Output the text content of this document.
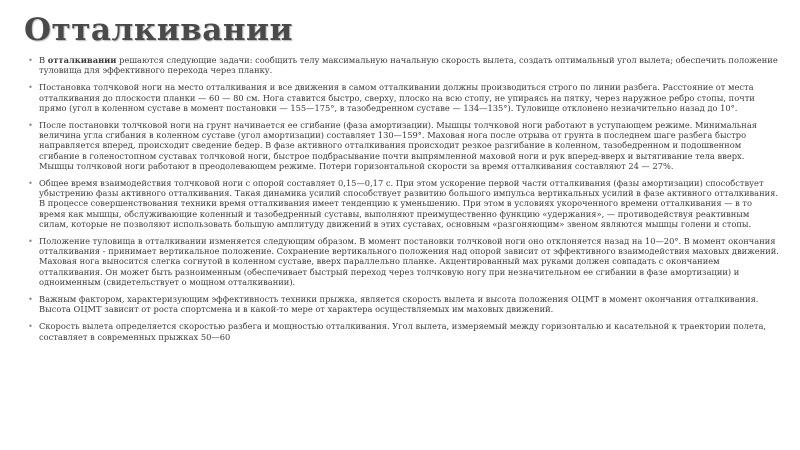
Отталкивании
• В отталкивании решаются следующие задачи: сообщить телу максимальную начальную скорость вылета, создать оптимальный угол вылета; обеспечить положение туловища для эффективного перехода через планку.
• Постановка толчковой ноги на место отталкивания и все движения в самом отталкивании должны производиться строго по линии разбега. Расстояние от места отталкивания до плоскости планки — 60 — 80 см. Нога ставится быстро, сверху, плоско на всю стопу, не упираясь на пятку, через наружное ребро стопы, почти прямо (угол в коленном суставе в момент постановки — 155—175°, в тазобедренном суставе — 134—135°). Туловище отклонено незначительно назад до 10°.
• После постановки толчковой ноги на грунт начинается ее сгибание (фаза амортизации). Мышцы толчковой ноги работают в уступающем режиме. Минимальная величина угла сгибания в коленном суставе (угол амортизации) составляет 130—159°. Маховая нога после отрыва от грунта в последнем шаге разбега быстро направляется вперед, происходит сведение бедер. В фазе активного отталкивания происходит резкое разгибание в коленном, тазобедренном и подошвенном сгибание в голеностопном суставах толчковой ноги, быстрое подбрасывание почти выпрямленной маховой ноги и рук вперед-вверх и вытягивание тела вверх. Мышцы толчковой ноги работают в преодолевающем режиме. Потери горизонтальной скорости за время отталкивания составляют 24 — 27%.
• Общее время взаимодействия толчковой ноги с опорой составляет 0,15—0,17 с. При этом ускорение первой части отталкивания (фазы амортизации) способствует убыстрению фазы активного отталкивания. Такая динамика усилий способствует развитию большого импульса вертикальных усилий в фазе активного отталкивания. В процессе совершенствования техники время отталкивания имеет тенденцию к уменьшению. При этом в условиях укороченного времени отталкивания — в то время как мышцы, обслуживающие коленный и тазобедренный суставы, выполняют преимущественно функцию «удержания», — противодействуя реактивным силам, которые не позволяют использовать большую амплитуду движений в этих суставах, основным «разгоняющим» звеном являются мышцы голени и стопы.
• Положение туловища в отталкивании изменяется следующим образом. В момент постановки толчковой ноги оно отклоняется назад на 10—20°. В момент окончания отталкивания - принимает вертикальное положение. Сохранение вертикального положения над опорой зависит от эффективного взаимодействия маховых движений. Маховая нога выносится слегка согнутой в коленном суставе, вверх параллельно планке. Акцентированный мах руками должен совпадать с окончанием отталкивания. Он может быть разноименным (обеспечивает быстрый переход через толчковую ногу при незначительном ее сгибании в фазе амортизации) и одноименным (свидетельствует о мощном отталкивании).
• Важным фактором, характеризующим эффективность техники прыжка, является скорость вылета и высота положения ОЦМТ в момент окончания отталкивания. Высота ОЦМТ зависит от роста спортсмена и в какой-то мере от характера осуществляемых им маховых движений.
• Скорость вылета определяется скоростью разбега и мощностью отталкивания. Угол вылета, измеряемый между горизонталью и касательной к траектории полета, составляет в современных прыжках 50—60
